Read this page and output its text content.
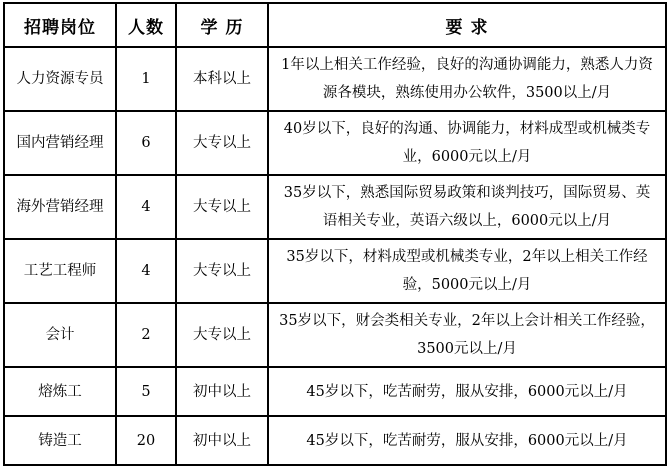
招聘岗位	人数	学 历	要 求
人力资源专员	1	本科以上	1年以上相关工作经验，良好的沟通协调能力，熟悉人力资源各模块，熟练使用办公软件，3500以上/月
国内营销经理	6	大专以上	40岁以下，良好的沟通、协调能力，材料成型或机械类专业，6000元以上/月
海外营销经理	4	大专以上	35岁以下，熟悉国际贸易政策和谈判技巧，国际贸易、英语相关专业，英语六级以上，6000元以上/月
工艺工程师	4	大专以上	35岁以下，材料成型或机械类专业，2年以上相关工作经验，5000元以上/月
会计	2	大专以上	35岁以下，财会类相关专业，2年以上会计相关工作经验，3500元以上/月
熔炼工	5	初中以上	45岁以下，吃苦耐劳，服从安排，6000元以上/月
铸造工	20	初中以上	45岁以下，吃苦耐劳，服从安排，6000元以上/月
